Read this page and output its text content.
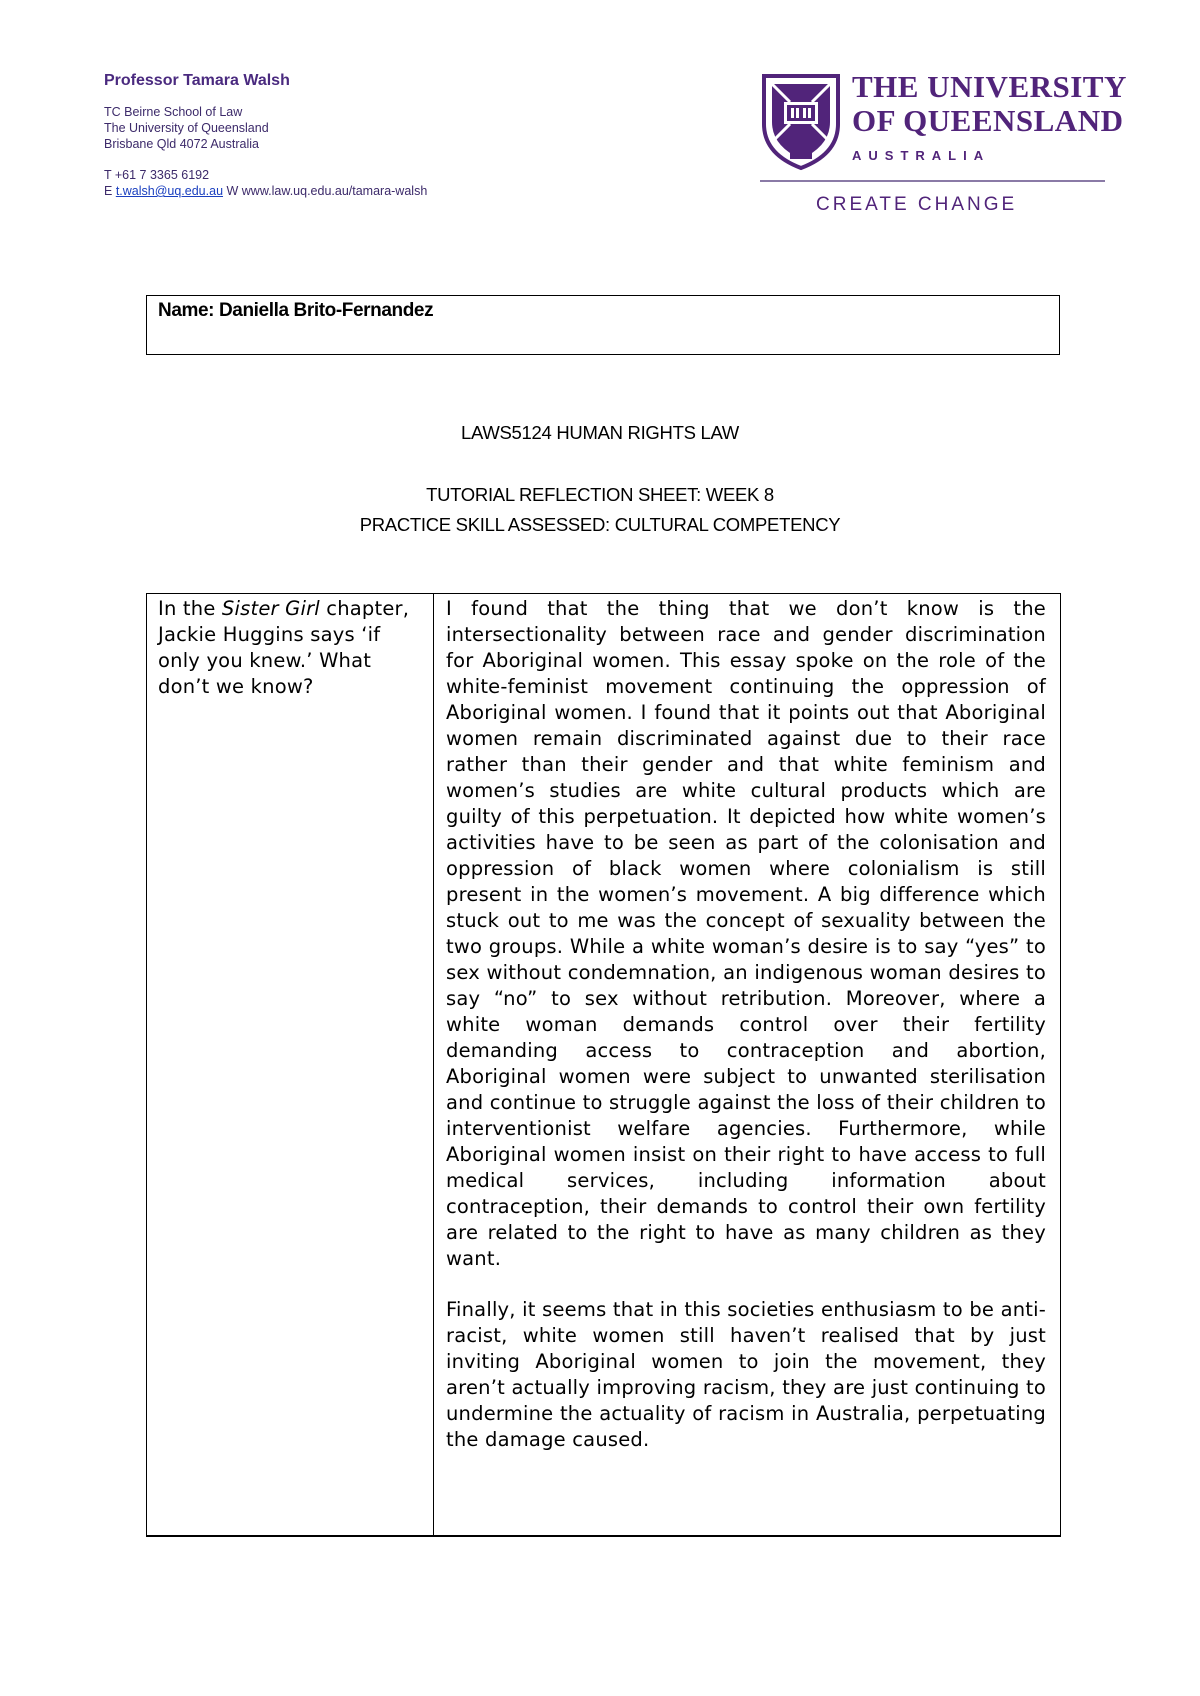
Professor Tamara Walsh
TC Beirne School of Law
The University of Queensland
Brisbane Qld 4072 Australia
T +61 7 3365 6192
E t.walsh@uq.edu.au W www.law.uq.edu.au/tamara-walsh
THE UNIVERSITY
OF QUEENSLAND
AUSTRALIA
CREATE CHANGE
Name: Daniella Brito-Fernandez
LAWS5124 HUMAN RIGHTS LAW
TUTORIAL REFLECTION SHEET: WEEK 8
PRACTICE SKILL ASSESSED: CULTURAL COMPETENCY

In the Sister Girl chapter, Jackie Huggins says ‘if only you knew.’ What don’t we know?

I found that the thing that we don’t know is the intersectionality between race and gender discrimination for Aboriginal women. This essay spoke on the role of the white-feminist movement continuing the oppression of Aboriginal women. I found that it points out that Aboriginal women remain discriminated against due to their race rather than their gender and that white feminism and women’s studies are white cultural products which are guilty of this perpetuation. It depicted how white women’s activities have to be seen as part of the colonisation and oppression of black women where colonialism is still present in the women’s movement. A big difference which stuck out to me was the concept of sexuality between the two groups. While a white woman’s desire is to say “yes” to sex without condemnation, an indigenous woman desires to say “no” to sex without retribution. Moreover, where a white woman demands control over their fertility demanding access to contraception and abortion, Aboriginal women were subject to unwanted sterilisation and continue to struggle against the loss of their children to interventionist welfare agencies. Furthermore, while Aboriginal women insist on their right to have access to full medical services, including information about contraception, their demands to control their own fertility are related to the right to have as many children as they want.

Finally, it seems that in this societies enthusiasm to be anti-racist, white women still haven’t realised that by just inviting Aboriginal women to join the movement, they aren’t actually improving racism, they are just continuing to undermine the actuality of racism in Australia, perpetuating the damage caused.
